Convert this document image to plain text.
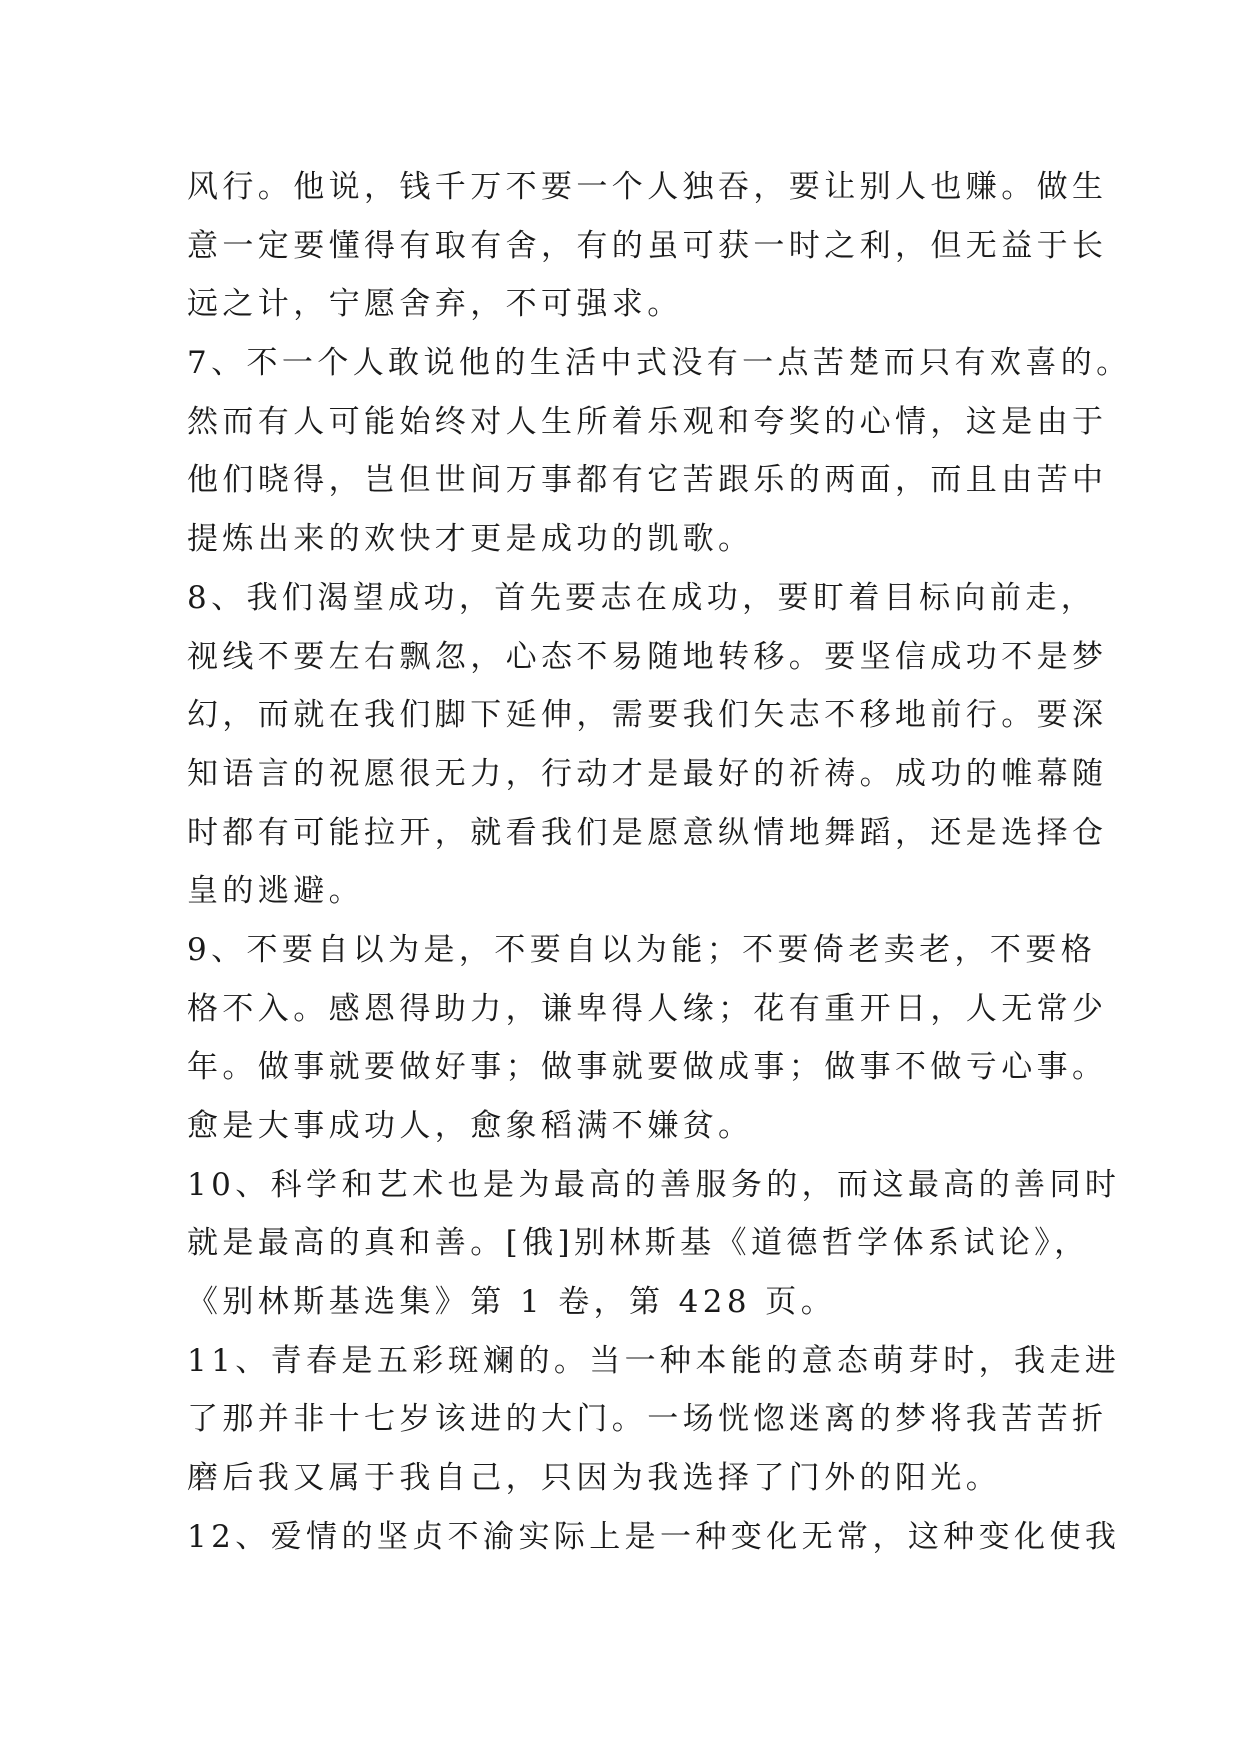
风行。他说，钱千万不要一个人独吞，要让别人也赚。做生
意一定要懂得有取有舍，有的虽可获一时之利，但无益于长
远之计，宁愿舍弃，不可强求。
7、不一个人敢说他的生活中式没有一点苦楚而只有欢喜的。
然而有人可能始终对人生所着乐观和夸奖的心情，这是由于
他们晓得，岂但世间万事都有它苦跟乐的两面，而且由苦中
提炼出来的欢快才更是成功的凯歌。
8、我们渴望成功，首先要志在成功，要盯着目标向前走，
视线不要左右飘忽，心态不易随地转移。要坚信成功不是梦
幻，而就在我们脚下延伸，需要我们矢志不移地前行。要深
知语言的祝愿很无力，行动才是最好的祈祷。成功的帷幕随
时都有可能拉开，就看我们是愿意纵情地舞蹈，还是选择仓
皇的逃避。
9、不要自以为是，不要自以为能；不要倚老卖老，不要格
格不入。感恩得助力，谦卑得人缘；花有重开日，人无常少
年。做事就要做好事；做事就要做成事；做事不做亏心事。
愈是大事成功人，愈象稻满不嫌贫。
10、科学和艺术也是为最高的善服务的，而这最高的善同时
就是最高的真和善。[俄]别林斯基《道德哲学体系试论》，
《别林斯基选集》第 1 卷，第 428 页。
11、青春是五彩斑斓的。当一种本能的意态萌芽时，我走进
了那并非十七岁该进的大门。一场恍惚迷离的梦将我苦苦折
磨后我又属于我自己，只因为我选择了门外的阳光。
12、爱情的坚贞不渝实际上是一种变化无常，这种变化使我
